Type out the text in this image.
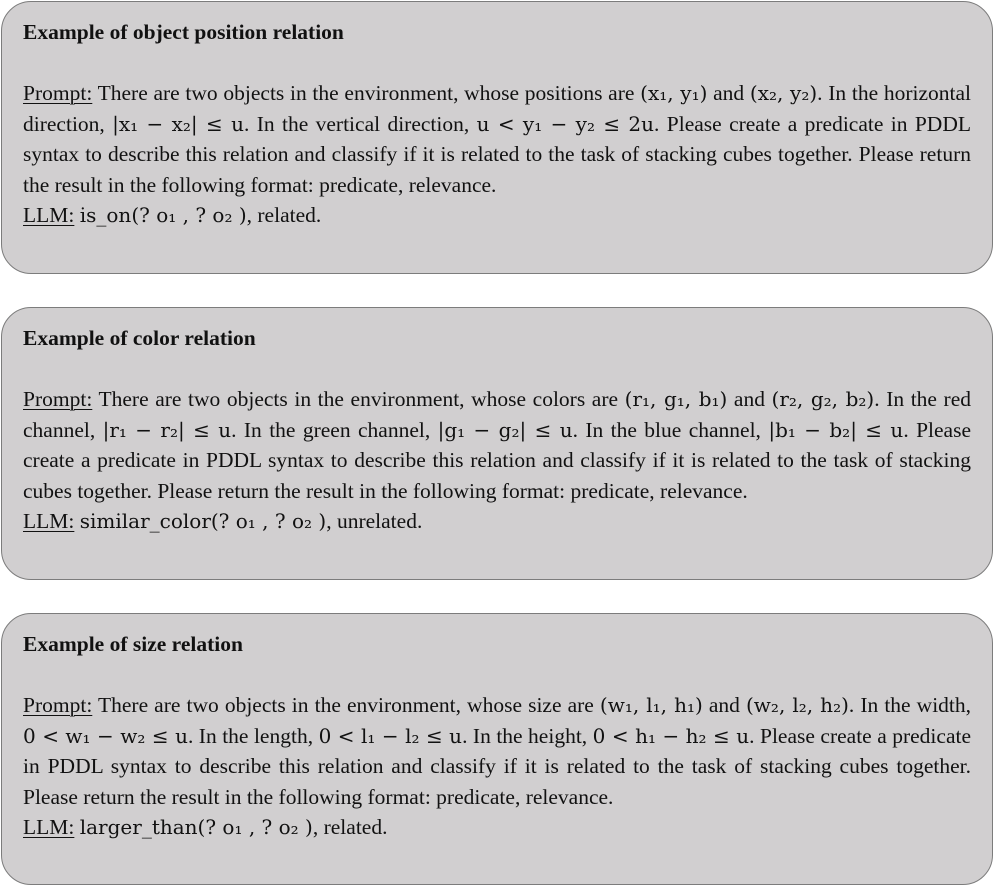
Example of object position relation

Prompt: There are two objects in the environment, whose positions are (x₁, y₁) and (x₂, y₂). In the horizontal direction, |x₁ − x₂| ≤ u. In the vertical direction, u < y₁ − y₂ ≤ 2u. Please create a predicate in PDDL syntax to describe this relation and classify if it is related to the task of stacking cubes together. Please return the result in the following format: predicate, relevance.

LLM: is_on(? o₁ , ? o₂ ), related.

Example of color relation

Prompt: There are two objects in the environment, whose colors are (r₁, g₁, b₁) and (r₂, g₂, b₂). In the red channel, |r₁ − r₂| ≤ u. In the green channel, |g₁ − g₂| ≤ u. In the blue channel, |b₁ − b₂| ≤ u. Please create a predicate in PDDL syntax to describe this relation and classify if it is related to the task of stacking cubes together. Please return the result in the following format: predicate, relevance.

LLM: similar_color(? o₁ , ? o₂ ), unrelated.

Example of size relation

Prompt: There are two objects in the environment, whose size are (w₁, l₁, h₁) and (w₂, l₂, h₂). In the width, 0 < w₁ − w₂ ≤ u. In the length, 0 < l₁ − l₂ ≤ u. In the height, 0 < h₁ − h₂ ≤ u. Please create a predicate in PDDL syntax to describe this relation and classify if it is related to the task of stacking cubes together. Please return the result in the following format: predicate, relevance.

LLM: larger_than(? o₁ , ? o₂ ), related.
